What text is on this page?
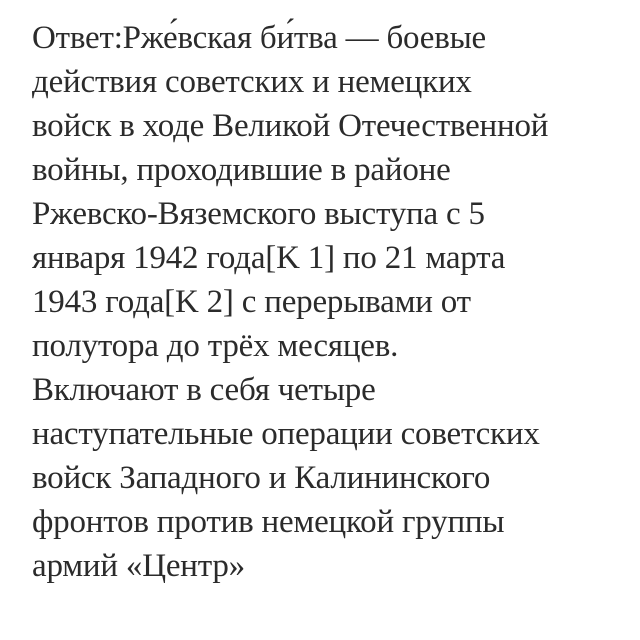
Ответ:Рже́вская би́тва — боевые
действия советских и немецких
войск в ходе Великой Отечественной
войны, проходившие в районе
Ржевско-Вяземского выступа с 5
января 1942 года[K 1] по 21 марта
1943 года[K 2] с перерывами от
полутора до трёх месяцев.
Включают в себя четыре
наступательные операции советских
войск Западного и Калининского
фронтов против немецкой группы
армий «Центр»
